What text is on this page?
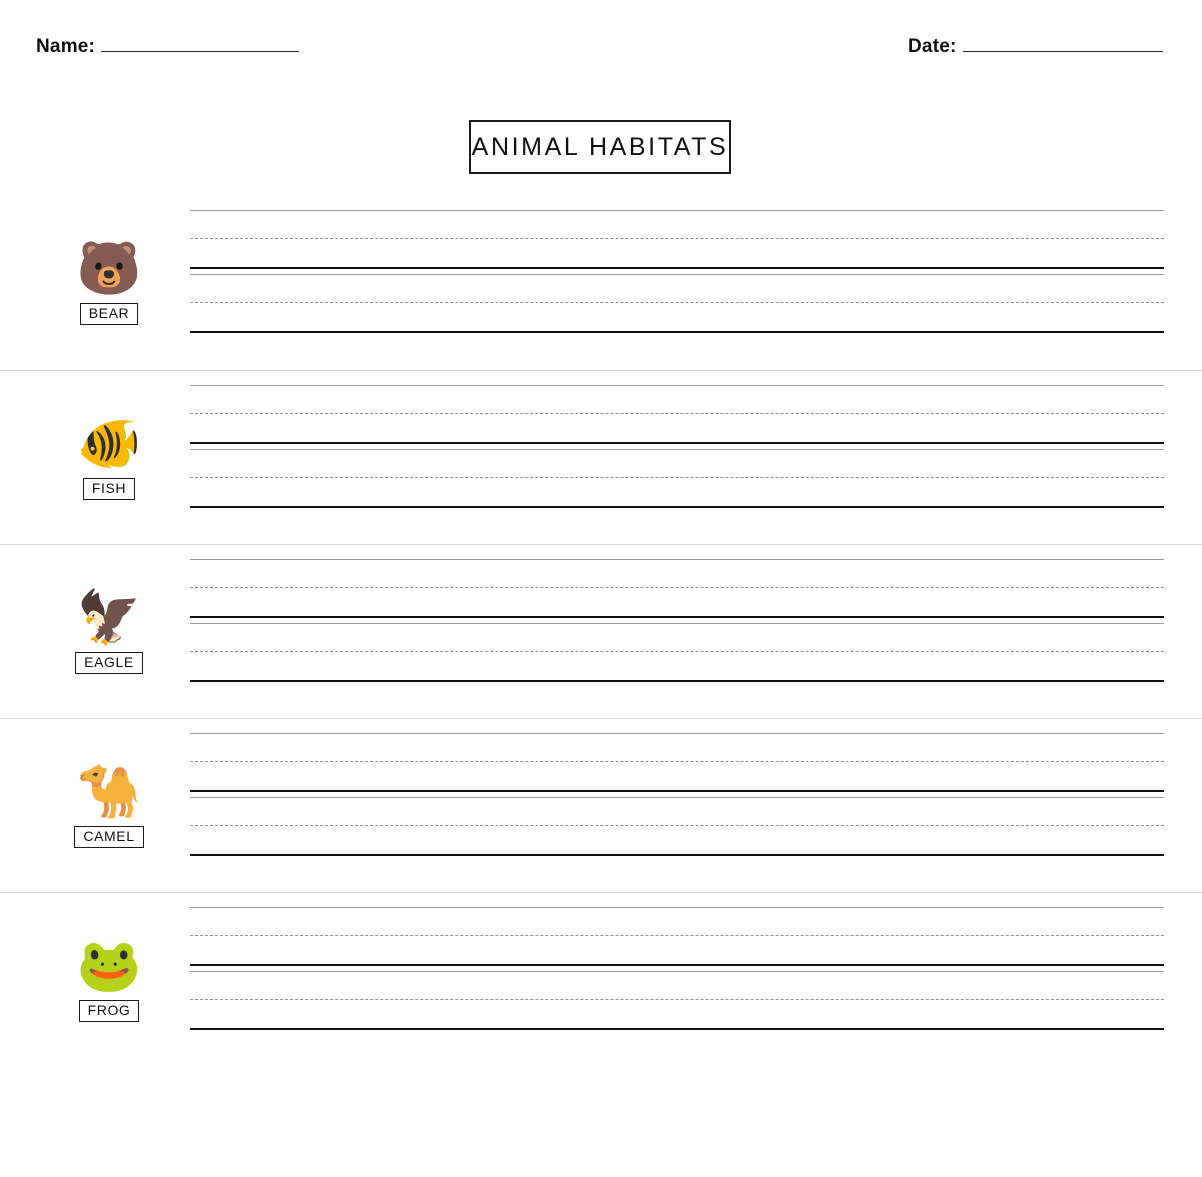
Name:	Date:
ANIMAL HABITATS
🐻
BEAR
🐠
FISH
🦅
EAGLE
🐪
CAMEL
🐸
FROG
